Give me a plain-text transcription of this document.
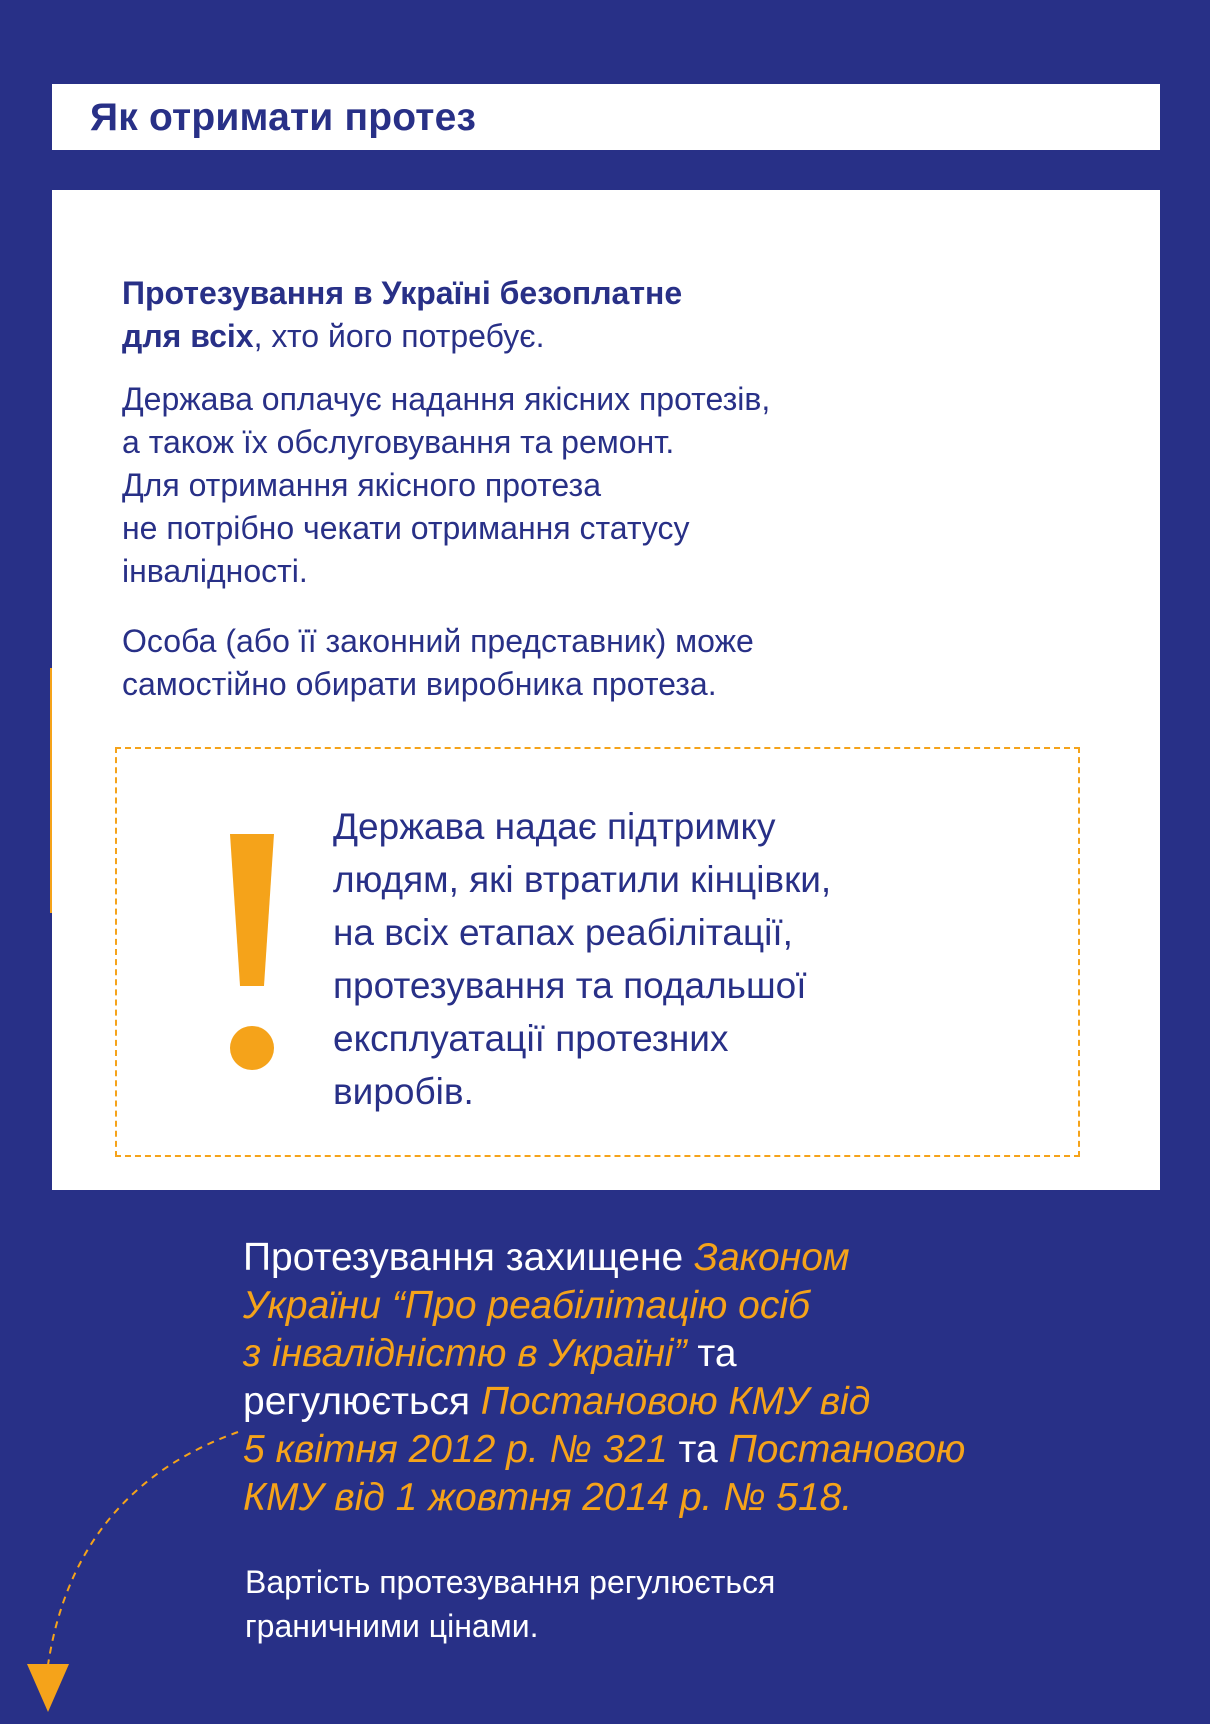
Як отримати протез

Протезування в Україні безоплатне

для всіх, хто його потребує.

Держава оплачує надання якісних протезів,

а також їх обслуговування та ремонт.

Для отримання якісного протеза

не потрібно чекати отримання статусу

інвалідності.

Особа (або її законний представник) може

самостійно обирати виробника протеза.

Держава надає підтримку
людям, які втратили кінцівки,
на всіх етапах реабілітації,
протезування та подальшої
експлуатації протезних
виробів.
Протезування захищене Законом
України “Про реабілітацію осіб
з інвалідністю в Україні” та
регулюється Постановою КМУ від
5 квітня 2012 р. № 321 та Постановою
КМУ від 1 жовтня 2014 р. № 518.
Вартість протезування регулюється
граничними цінами.
